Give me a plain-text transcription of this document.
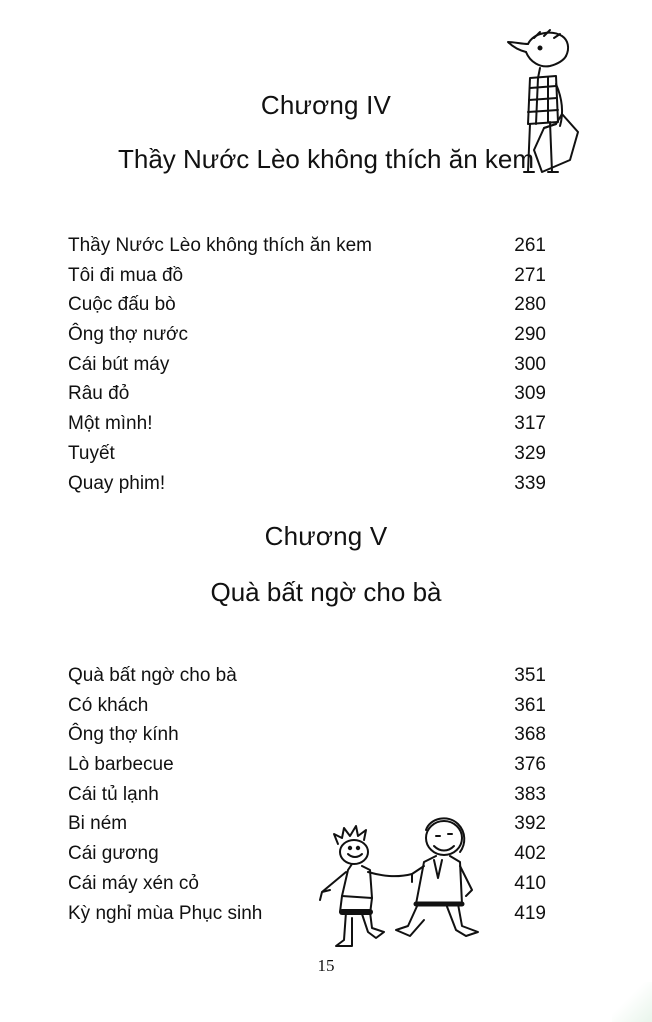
Chương IV
Thầy Nước Lèo không thích ăn kem
Thầy Nước Lèo không thích ăn kem	261
Tôi đi mua đồ	271
Cuộc đấu bò	280
Ông thợ nước	290
Cái bút máy	300
Râu đỏ	309
Một mình!	317
Tuyết	329
Quay phim!	339
Chương V
Quà bất ngờ cho bà
Quà bất ngờ cho bà	351
Có khách	361
Ông thợ kính	368
Lò barbecue	376
Cái tủ lạnh	383
Bi ném	392
Cái gương	402
Cái máy xén cỏ	410
Kỳ nghỉ mùa Phục sinh	419
15
